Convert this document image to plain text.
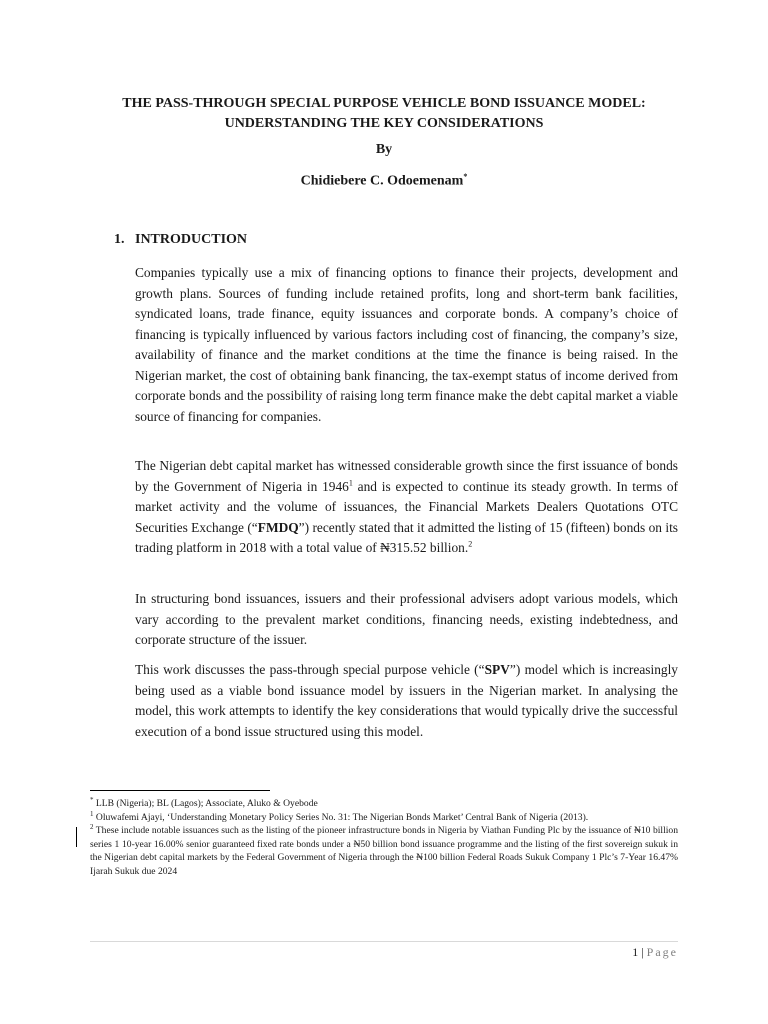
THE PASS-THROUGH SPECIAL PURPOSE VEHICLE BOND ISSUANCE MODEL:
UNDERSTANDING THE KEY CONSIDERATIONS
By
Chidiebere C. Odoemenam*
1. INTRODUCTION
Companies typically use a mix of financing options to finance their projects, development and growth plans. Sources of funding include retained profits, long and short-term bank facilities, syndicated loans, trade finance, equity issuances and corporate bonds. A company’s choice of financing is typically influenced by various factors including cost of financing, the company’s size, availability of finance and the market conditions at the time the finance is being raised. In the Nigerian market, the cost of obtaining bank financing, the tax-exempt status of income derived from corporate bonds and the possibility of raising long term finance make the debt capital market a viable source of financing for companies.
The Nigerian debt capital market has witnessed considerable growth since the first issuance of bonds by the Government of Nigeria in 1946$^1$ and is expected to continue its steady growth. In terms of market activity and the volume of issuances, the Financial Markets Dealers Quotations OTC Securities Exchange (“FMDQ”) recently stated that it admitted the listing of 15 (fifteen) bonds on its trading platform in 2018 with a total value of ₦315.52 billion.$^2$
In structuring bond issuances, issuers and their professional advisers adopt various models, which vary according to the prevalent market conditions, financing needs, existing indebtedness, and corporate structure of the issuer.
This work discusses the pass-through special purpose vehicle (“SPV”) model which is increasingly being used as a viable bond issuance model by issuers in the Nigerian market. In analysing the model, this work attempts to identify the key considerations that would typically drive the successful execution of a bond issue structured using this model.

* LLB (Nigeria); BL (Lagos); Associate, Aluko & Oyebode

$^1$ Oluwafemi Ajayi, ‘Understanding Monetary Policy Series No. 31: The Nigerian Bonds Market’ Central Bank of Nigeria (2013).

$^2$ These include notable issuances such as the listing of the pioneer infrastructure bonds in Nigeria by Viathan Funding Plc by the issuance of ₦10 billion series 1 10-year 16.00% senior guaranteed fixed rate bonds under a ₦50 billion bond issuance programme and the listing of the first sovereign sukuk in the Nigerian debt capital markets by the Federal Government of Nigeria through the ₦100 billion Federal Roads Sukuk Company 1 Plc’s 7-Year 16.47% Ijarah Sukuk due 2024

1 | Page
